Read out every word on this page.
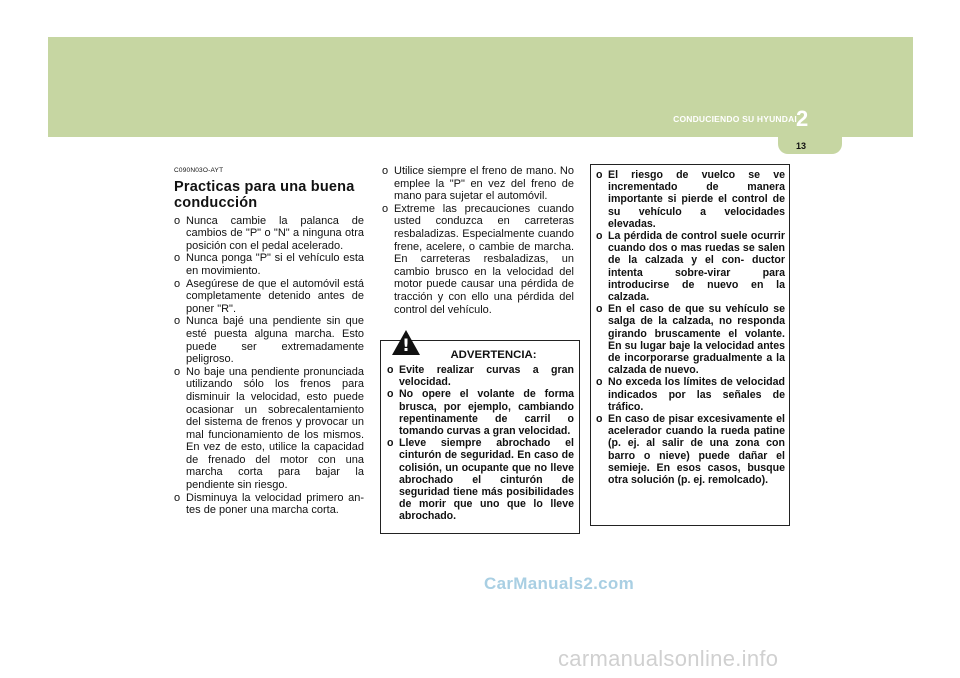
CONDUCIENDO SU HYUNDAI 2
13
C090N03O-AYT
Practicas para una buena conducción
o Nunca cambie la palanca de cambios de "P" o "N" a ninguna otra posición con el pedal acelerado.
o Nunca ponga "P" si el vehículo esta en movimiento.
o Asegúrese de que el automóvil está completamente detenido antes de poner "R".
o Nunca bajé una pendiente sin que esté puesta alguna marcha. Esto puede ser extremadamente peligroso.
o No baje una pendiente pronunciada utilizando sólo los frenos para disminuir la velocidad, esto puede ocasionar un sobrecalentamiento del sistema de frenos y provocar un mal funcionamiento de los mismos. En vez de esto, utilice la capacidad de frenado del motor con una marcha corta para bajar la pendiente sin riesgo.
o Disminuya la velocidad primero an- tes de poner una marcha corta.
o Utilice siempre el freno de mano. No emplee la "P" en vez del freno de mano para sujetar el automóvil.
o Extreme las precauciones cuando usted conduzca en carreteras resbaladizas. Especialmente cuando frene, acelere, o cambie de marcha. En carreteras resbaladizas, un cambio brusco en la velocidad del motor puede causar una pérdida de tracción y con ello una pérdida del control del vehículo.
ADVERTENCIA:
o Evite realizar curvas a gran velocidad.
o No opere el volante de forma brusca, por ejemplo, cambiando repentinamente de carril o tomando curvas a gran velocidad.
o Lleve siempre abrochado el cinturón de seguridad. En caso de colisión, un ocupante que no lleve abrochado el cinturón de seguridad tiene más posibilidades de morir que uno que lo lleve abrochado.
!
o El riesgo de vuelco se ve incrementado de manera importante si pierde el control de su vehículo a velocidades elevadas.
o La pérdida de control suele ocurrir cuando dos o mas ruedas se salen de la calzada y el con- ductor intenta sobre-virar para introducirse de nuevo en la calzada.
o En el caso de que su vehículo se salga de la calzada, no responda girando bruscamente el volante. En su lugar baje la velocidad antes de incorporarse gradualmente a la calzada de nuevo.
o No exceda los límites de velocidad indicados por las señales de tráfico.
o En caso de pisar excesivamente el acelerador cuando la rueda patine (p. ej. al salir de una zona con barro o nieve) puede dañar el semieje. En esos casos, busque otra solución (p. ej. remolcado).
CarManuals2.com
carmanualsonline.info
